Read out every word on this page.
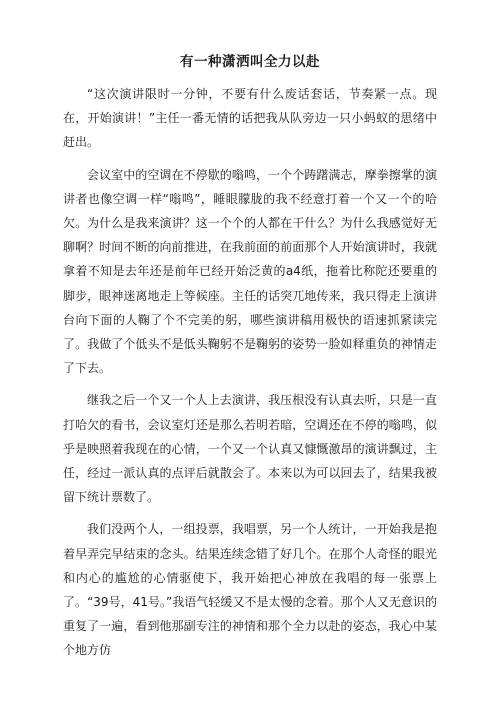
有一种潇洒叫全力以赴

“这次演讲限时一分钟，不要有什么废话套话，节奏紧一点。现在，开始演讲！”主任一番无情的话把我从队旁边一只小蚂蚁的思绪中赶出。

会议室中的空调在不停歇的嗡鸣，一个个踌躇满志，摩拳擦掌的演讲者也像空调一样“嗡鸣”，睡眼朦胧的我不经意打着一个又一个的哈欠。为什么是我来演讲？这一个个的人都在干什么？为什么我感觉好无聊啊？时间不断的向前推进，在我前面的前面那个人开始演讲时，我就拿着不知是去年还是前年已经开始泛黄的a4纸，拖着比称陀还要重的脚步，眼神迷离地走上等候座。主任的话突兀地传来，我只得走上演讲台向下面的人鞠了个不完美的躬，哪些演讲稿用极快的语速抓紧读完了。我做了个低头不是低头鞠躬不是鞠躬的姿势一脸如释重负的神情走了下去。

继我之后一个又一个人上去演讲，我压根没有认真去听，只是一直打哈欠的看书，会议室灯还是那么若明若暗，空调还在不停的嗡鸣，似乎是映照着我现在的心情，一个又一个认真又慷慨激昂的演讲飘过，主任，经过一派认真的点评后就散会了。本来以为可以回去了，结果我被留下统计票数了。

我们没两个人，一组投票，我唱票，另一个人统计，一开始我是抱着早弄完早结束的念头。结果连续念错了好几个。在那个人奇怪的眼光和内心的尴尬的心情驱使下，我开始把心神放在我唱的每一张票上了。“39号，41号。”我语气轻缓又不是太慢的念着。那个人又无意识的重复了一遍，看到他那副专注的神情和那个全力以赴的姿态，我心中某个地方仿
